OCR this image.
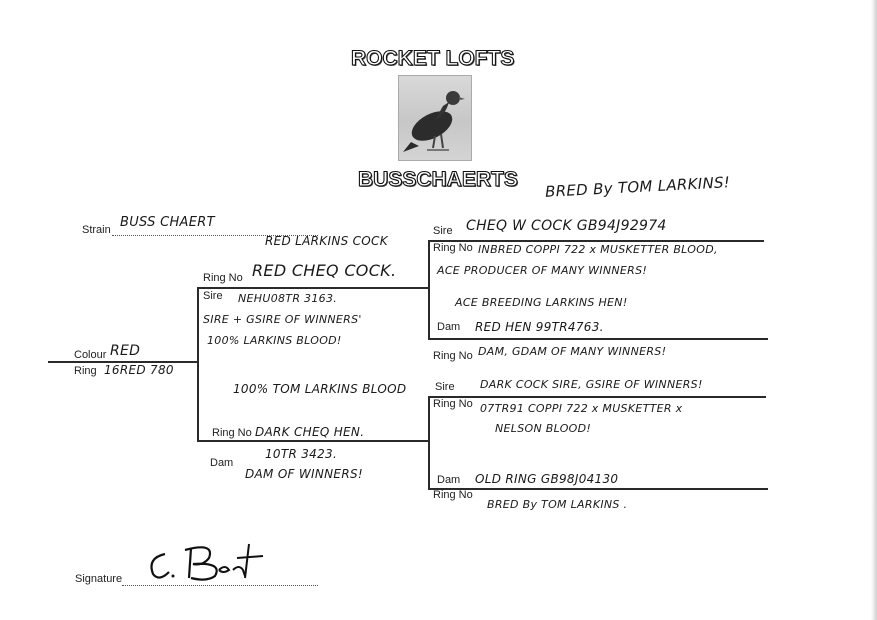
ROCKET LOFTS
BUSSCHAERTS BRED By TOM LARKINS!
Strain BUSS CHAERT
Colour RED
Ring 16RED 780
RED LARKINS COCK
Ring No RED CHEQ COCK.
Sire NEHU08TR 3163.
SIRE + GSIRE OF WINNERS'
100% LARKINS BLOOD!
100% TOM LARKINS BLOOD
Ring No DARK CHEQ HEN.
Dam
10TR 3423.
DAM OF WINNERS!
Sire CHEQ W COCK GB94J92974
Ring No INBRED COPPI 722 x MUSKETTER BLOOD,
ACE PRODUCER OF MANY WINNERS!
ACE BREEDING LARKINS HEN!
Dam RED HEN 99TR4763.
Ring No DAM, GDAM OF MANY WINNERS!
Sire DARK COCK SIRE, GSIRE OF WINNERS!
Ring No 07TR91 COPPI 722 x MUSKETTER x
NELSON BLOOD!
Dam OLD RING GB98J04130
Ring No
BRED By TOM LARKINS .
Signature
